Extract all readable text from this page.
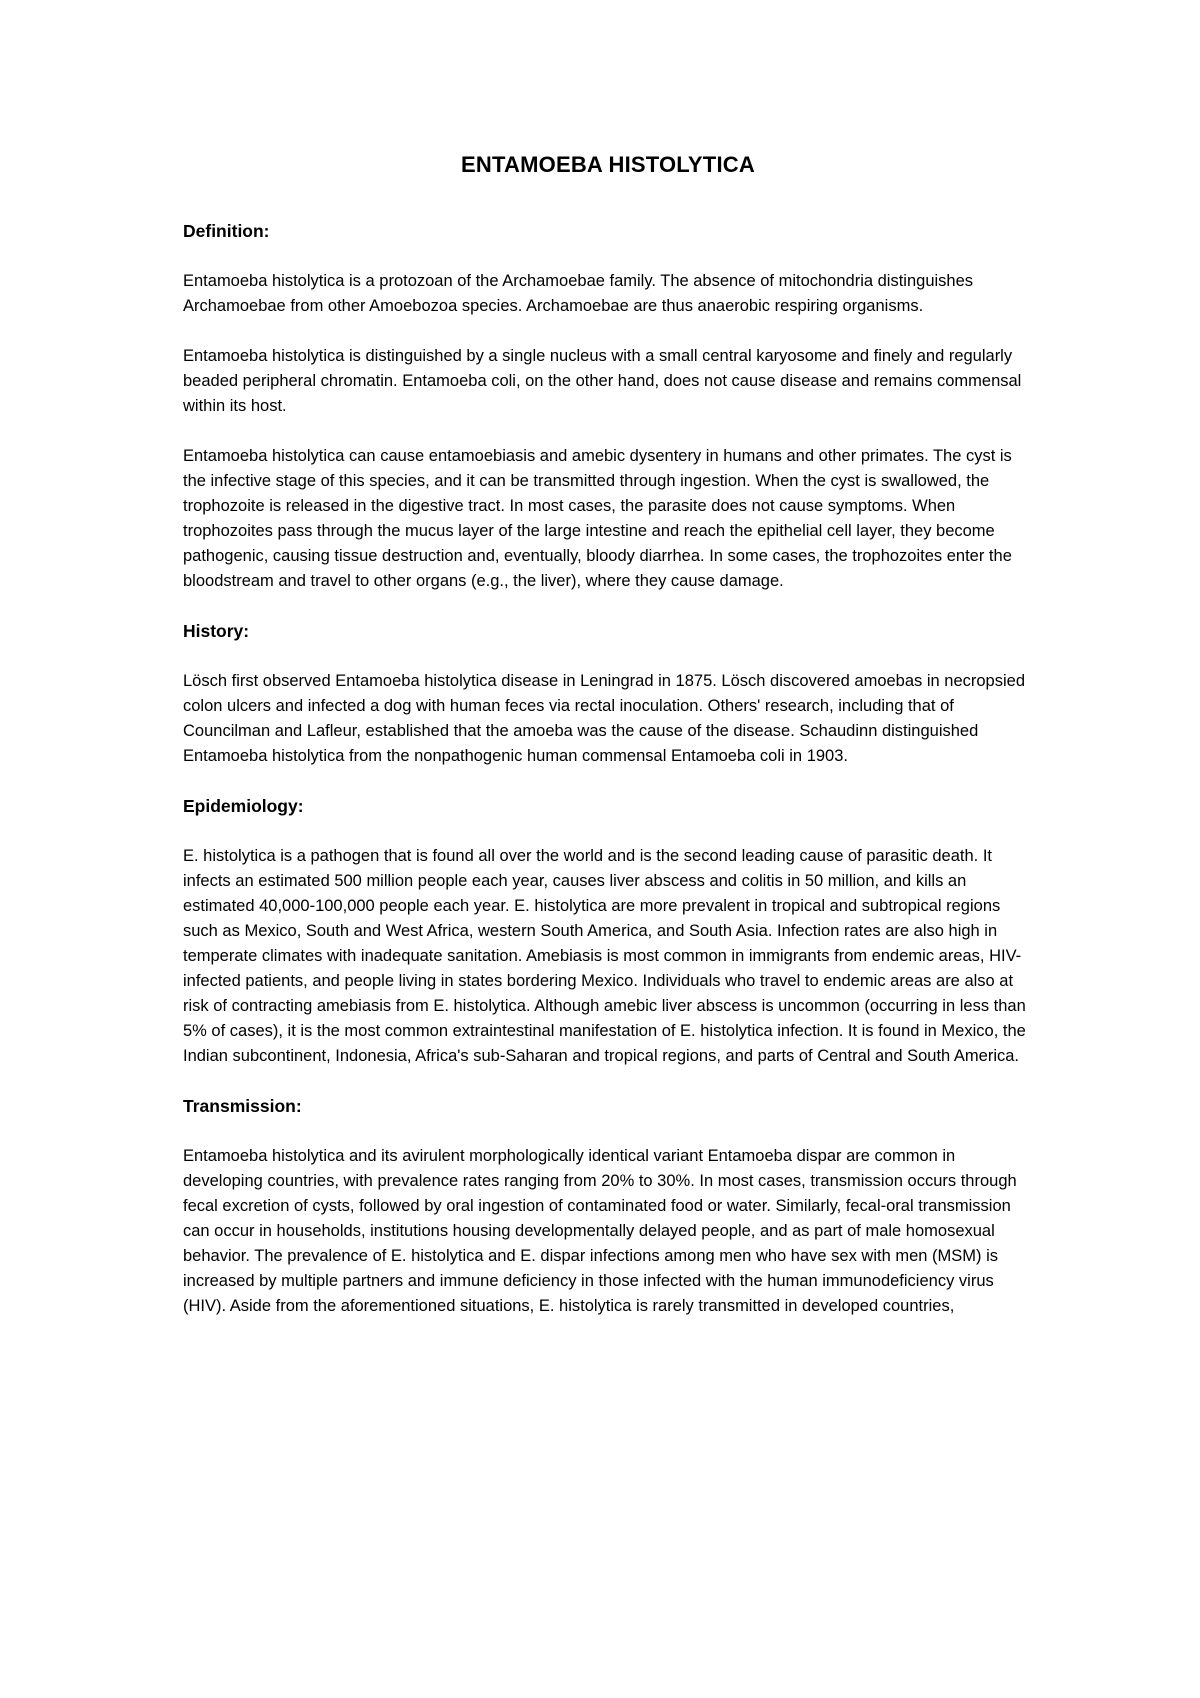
ENTAMOEBA HISTOLYTICA
Definition:

Entamoeba histolytica is a protozoan of the Archamoebae family. The absence of mitochondria distinguishes Archamoebae from other Amoebozoa species. Archamoebae are thus anaerobic respiring organisms.

Entamoeba histolytica is distinguished by a single nucleus with a small central karyosome and finely and regularly beaded peripheral chromatin. Entamoeba coli, on the other hand, does not cause disease and remains commensal within its host.

Entamoeba histolytica can cause entamoebiasis and amebic dysentery in humans and other primates. The cyst is the infective stage of this species, and it can be transmitted through ingestion. When the cyst is swallowed, the trophozoite is released in the digestive tract. In most cases, the parasite does not cause symptoms. When trophozoites pass through the mucus layer of the large intestine and reach the epithelial cell layer, they become pathogenic, causing tissue destruction and, eventually, bloody diarrhea. In some cases, the trophozoites enter the bloodstream and travel to other organs (e.g., the liver), where they cause damage.

History:

Lösch first observed Entamoeba histolytica disease in Leningrad in 1875. Lösch discovered amoebas in necropsied colon ulcers and infected a dog with human feces via rectal inoculation. Others' research, including that of Councilman and Lafleur, established that the amoeba was the cause of the disease. Schaudinn distinguished Entamoeba histolytica from the nonpathogenic human commensal Entamoeba coli in 1903.

Epidemiology:

E. histolytica is a pathogen that is found all over the world and is the second leading cause of parasitic death. It infects an estimated 500 million people each year, causes liver abscess and colitis in 50 million, and kills an estimated 40,000-100,000 people each year. E. histolytica are more prevalent in tropical and subtropical regions such as Mexico, South and West Africa, western South America, and South Asia. Infection rates are also high in temperate climates with inadequate sanitation. Amebiasis is most common in immigrants from endemic areas, HIV-infected patients, and people living in states bordering Mexico. Individuals who travel to endemic areas are also at risk of contracting amebiasis from E. histolytica. Although amebic liver abscess is uncommon (occurring in less than 5% of cases), it is the most common extraintestinal manifestation of E. histolytica infection. It is found in Mexico, the Indian subcontinent, Indonesia, Africa's sub-Saharan and tropical regions, and parts of Central and South America.

Transmission:

Entamoeba histolytica and its avirulent morphologically identical variant Entamoeba dispar are common in developing countries, with prevalence rates ranging from 20% to 30%. In most cases, transmission occurs through fecal excretion of cysts, followed by oral ingestion of contaminated food or water. Similarly, fecal-oral transmission can occur in households, institutions housing developmentally delayed people, and as part of male homosexual behavior. The prevalence of E. histolytica and E. dispar infections among men who have sex with men (MSM) is increased by multiple partners and immune deficiency in those infected with the human immunodeficiency virus (HIV). Aside from the aforementioned situations, E. histolytica is rarely transmitted in developed countries,
